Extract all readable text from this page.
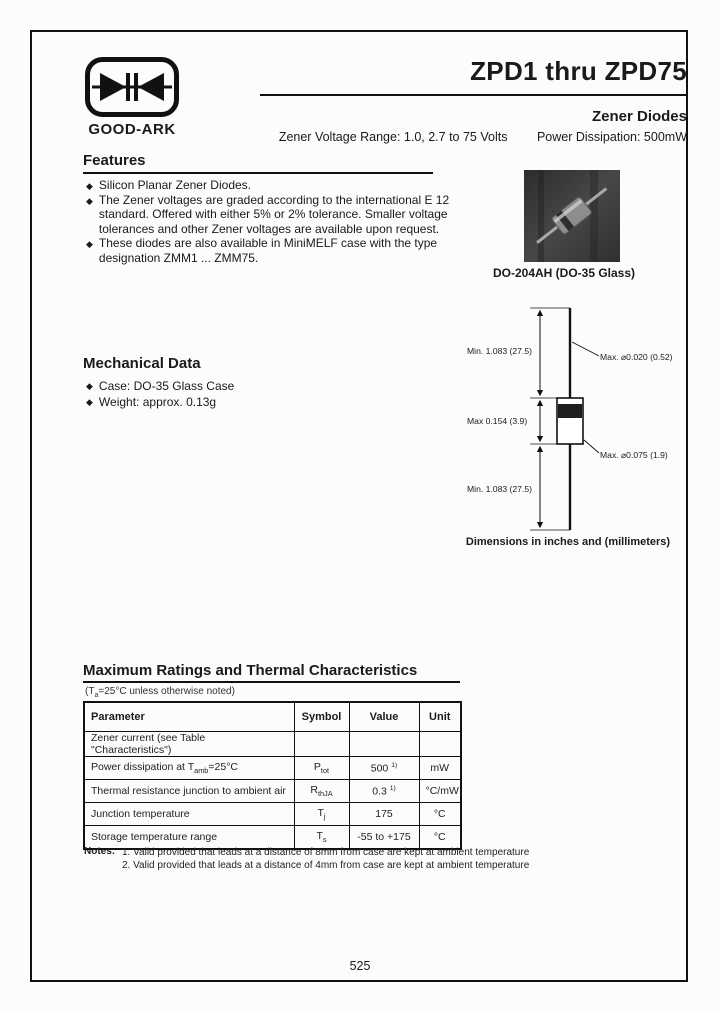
GOOD-ARK
ZPD1 thru ZPD75
Zener Diodes
Zener Voltage Range: 1.0, 2.7 to 75 Volts Power Dissipation: 500mW
Features
◆ Silicon Planar Zener Diodes.
◆ The Zener voltages are graded according to the international E 12 standard. Offered with either 5% or 2% tolerance. Smaller voltage tolerances and other Zener voltages are available upon request.
◆ These diodes are also available in MiniMELF case with the type designation ZMM1 ... ZMM75.
DO-204AH (DO-35 Glass)
Mechanical Data
◆ Case: DO-35 Glass Case
◆ Weight: approx. 0.13g
Min. 1.083 (27.5)
Max. ⌀0.020 (0.52)
Max 0.154 (3.9)
Max. ⌀0.075 (1.9)
Min. 1.083 (27.5)
Dimensions in inches and (millimeters)
Maximum Ratings and Thermal Characteristics
($T_a=25^\circ C$ unless otherwise noted)
Parameter	Symbol	Value	Unit
Zener current (see Table "Characteristics")			
Power dissipation at $T_{amb}=25^\circ C$	$P_{tot}$	500 $^{1)}$	mW
Thermal resistance junction to ambient air	$R_{thJA}$	0.3 $^{1)}$	°C/mW
Junction temperature	$T_j$	175	°C
Storage temperature range	$T_s$	-55 to +175	°C
Notes: 1. Valid provided that leads at a distance of 8mm from case are kept at ambient temperature
2. Valid provided that leads at a distance of 4mm from case are kept at ambient temperature
525
